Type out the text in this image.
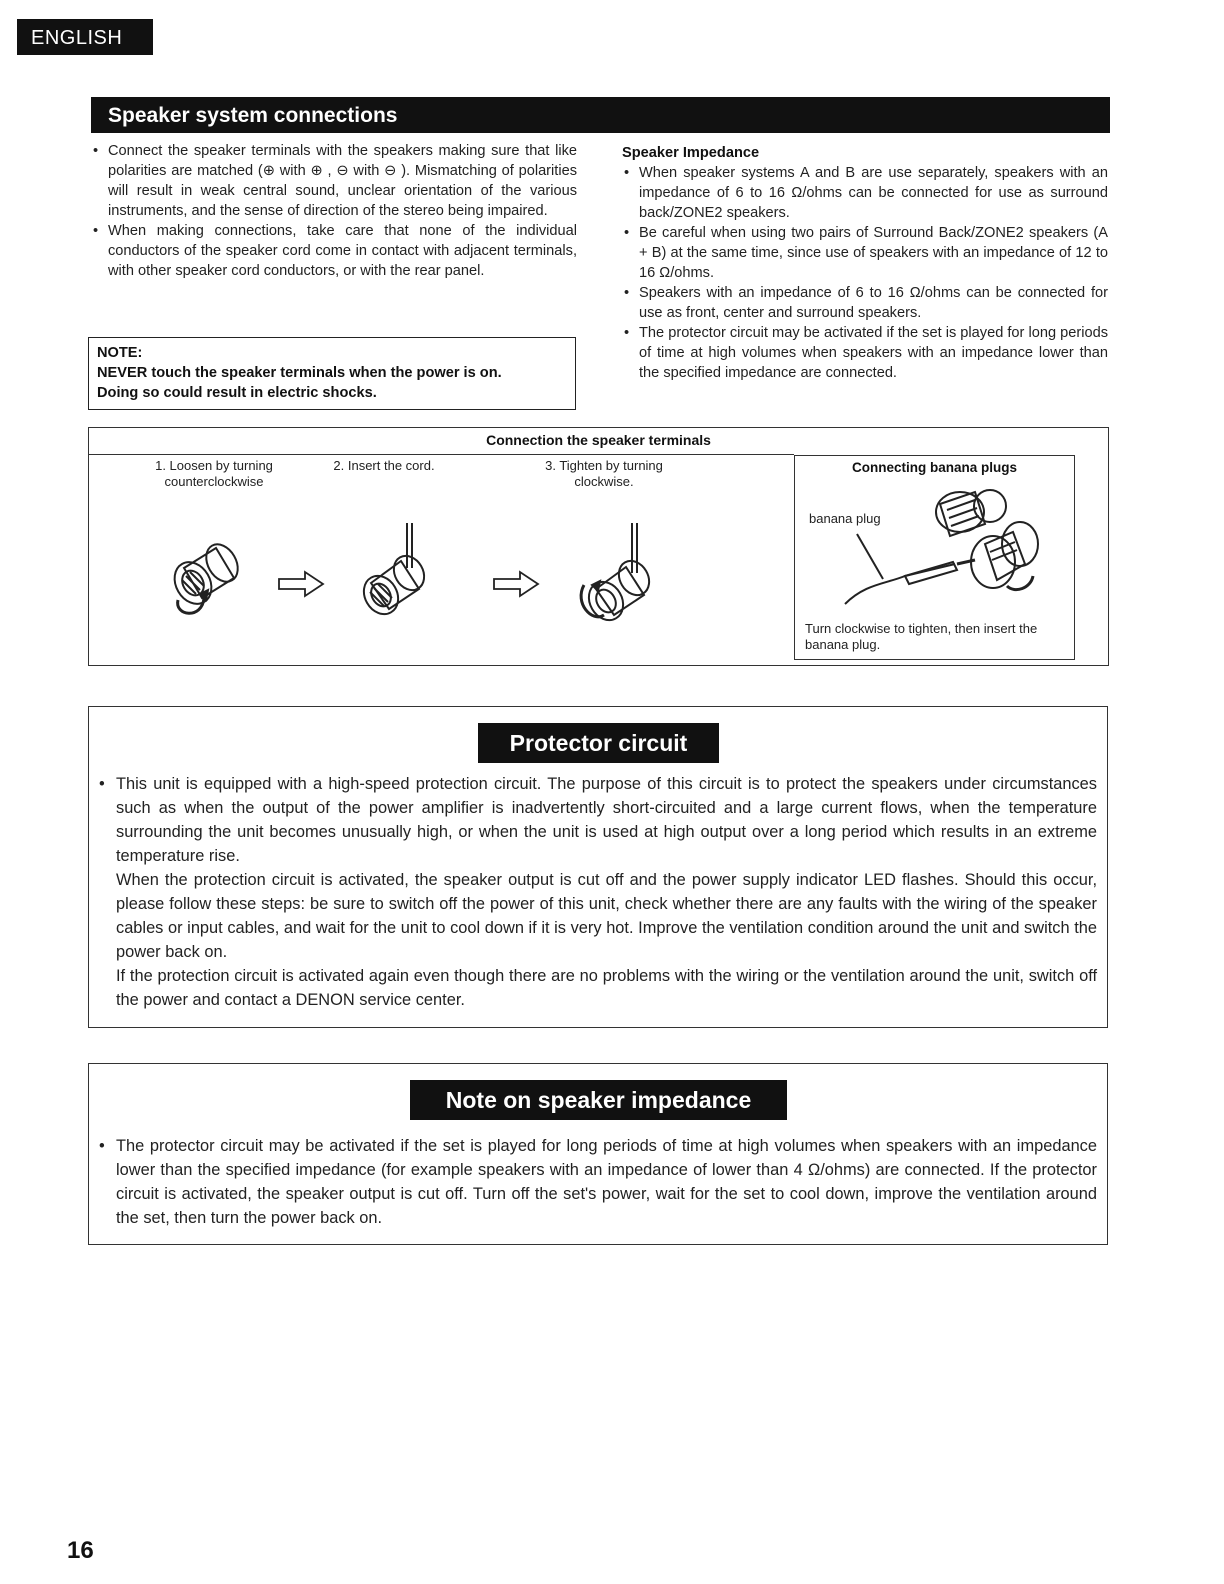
ENGLISH
Speaker system connections
• Connect the speaker terminals with the speakers making sure that like polarities are matched (⊕ with ⊕ , ⊖ with ⊖ ). Mismatching of polarities will result in weak central sound, unclear orientation of the various instruments, and the sense of direction of the stereo being impaired.
• When making connections, take care that none of the individual conductors of the speaker cord come in contact with adjacent terminals, with other speaker cord conductors, or with the rear panel.
NOTE:
NEVER touch the speaker terminals when the power is on.
Doing so could result in electric shocks.
Speaker Impedance
• When speaker systems A and B are use separately, speakers with an impedance of 6 to 16 Ω/ohms can be connected for use as surround back/ZONE2 speakers.
• Be careful when using two pairs of Surround Back/ZONE2 speakers (A + B) at the same time, since use of speakers with an impedance of 12 to 16 Ω/ohms.
• Speakers with an impedance of 6 to 16 Ω/ohms can be connected for use as front, center and surround speakers.
• The protector circuit may be activated if the set is played for long periods of time at high volumes when speakers with an impedance lower than the specified impedance are connected.
Connection the speaker terminals
1. Loosen by turning
counterclockwise
2. Insert the cord.	3. Tighten by turning
clockwise.
Connecting banana plugs
banana plug
Turn clockwise to tighten, then insert the banana plug.
Protector circuit

• This unit is equipped with a high-speed protection circuit. The purpose of this circuit is to protect the speakers under circumstances such as when the output of the power amplifier is inadvertently short-circuited and a large current flows, when the temperature surrounding the unit becomes unusually high, or when the unit is used at high output over a long period which results in an extreme temperature rise.

When the protection circuit is activated, the speaker output is cut off and the power supply indicator LED flashes. Should this occur, please follow these steps: be sure to switch off the power of this unit, check whether there are any faults with the wiring of the speaker cables or input cables, and wait for the unit to cool down if it is very hot. Improve the ventilation condition around the unit and switch the power back on.

If the protection circuit is activated again even though there are no problems with the wiring or the ventilation around the unit, switch off the power and contact a DENON service center.

Note on speaker impedance

• The protector circuit may be activated if the set is played for long periods of time at high volumes when speakers with an impedance lower than the specified impedance (for example speakers with an impedance of lower than 4 Ω/ohms) are connected. If the protector circuit is activated, the speaker output is cut off. Turn off the set's power, wait for the set to cool down, improve the ventilation around the set, then turn the power back on.

16
